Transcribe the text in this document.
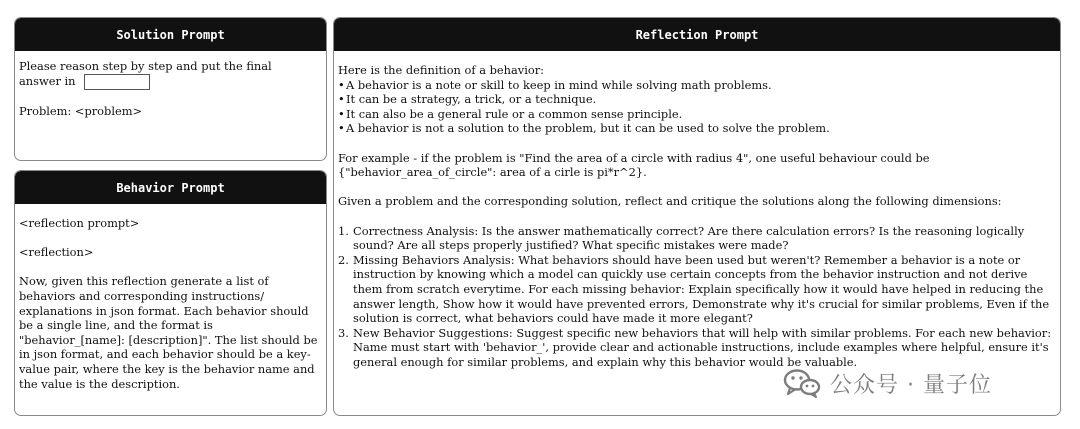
Solution Prompt

Please reason step by step and put the final

answer in

Problem: <problem>

Behavior Prompt

<reflection prompt>

<reflection>

Now, given this reflection generate a list of behaviors and corresponding instructions/ explanations in json format. Each behavior should be a single line, and the format is "behavior_[name]: [description]". The list should be in json format, and each behavior should be a key-value pair, where the key is the behavior name and the value is the description.

Reflection Prompt

Here is the definition of a behavior:

• A behavior is a note or skill to keep in mind while solving math problems.
• It can be a strategy, a trick, or a technique.
• It can also be a general rule or a common sense principle.
• A behavior is not a solution to the problem, but it can be used to solve the problem.

For example - if the problem is "Find the area of a circle with radius 4", one useful behaviour could be

{"behavior_area_of_circle": area of a cirle is pi*r^2}.

Given a problem and the corresponding solution, reflect and critique the solutions along the following dimensions:

1. Correctness Analysis: Is the answer mathematically correct? Are there calculation errors? Is the reasoning logically sound? Are all steps properly justified? What specific mistakes were made?
2. Missing Behaviors Analysis: What behaviors should have been used but weren't? Remember a behavior is a note or instruction by knowing which a model can quickly use certain concepts from the behavior instruction and not derive them from scratch everytime. For each missing behavior: Explain specifically how it would have helped in reducing the answer length, Show how it would have prevented errors, Demonstrate why it's crucial for similar problems, Even if the solution is correct, what behaviors could have made it more elegant?
3. New Behavior Suggestions: Suggest specific new behaviors that will help with similar problems. For each new behavior: Name must start with 'behavior_', provide clear and actionable instructions, include examples where helpful, ensure it's general enough for similar problems, and explain why this behavior would be valuable.
公众号 · 量子位
